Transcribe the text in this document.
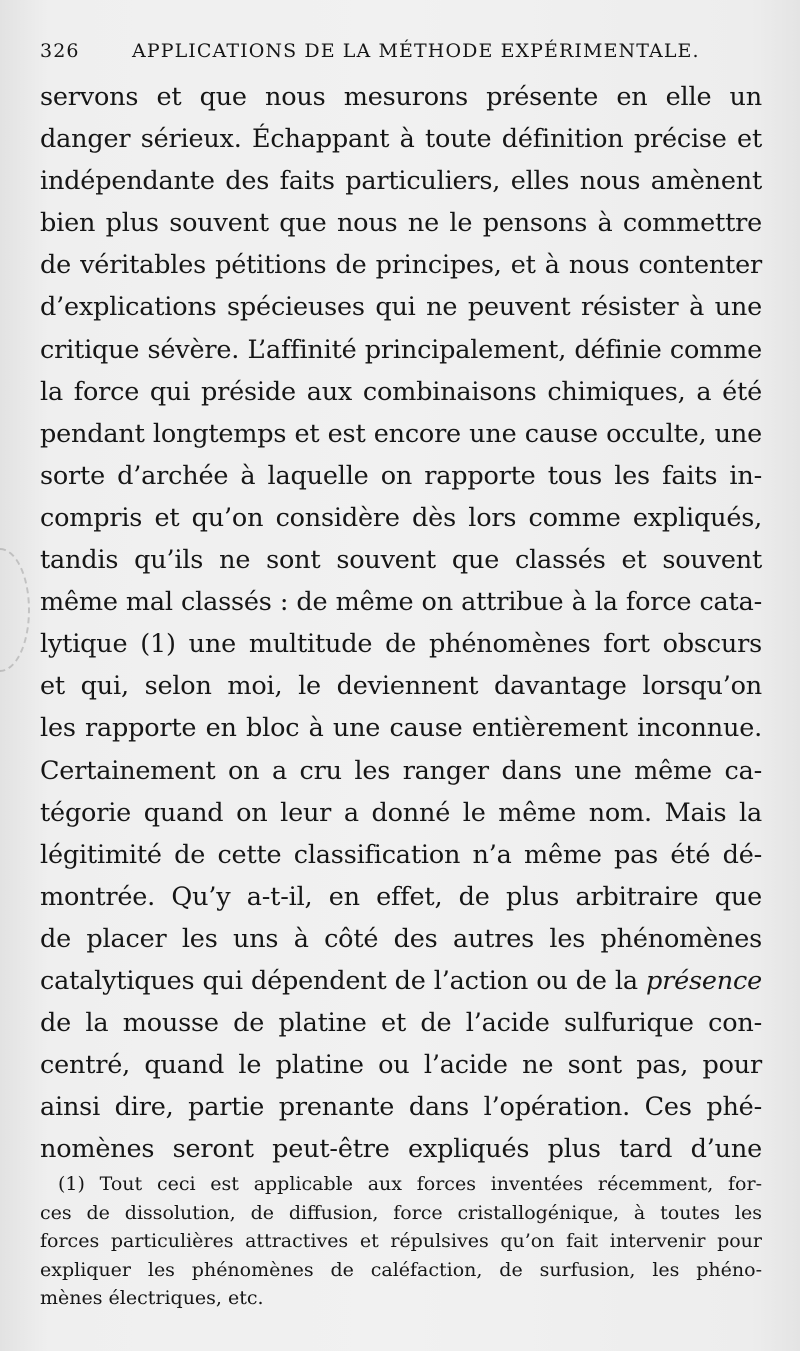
326	APPLICATIONS DE LA MÉTHODE EXPÉRIMENTALE.
servons et que nous mesurons présente en elle un
danger sérieux. Échappant à toute définition précise et
indépendante des faits particuliers, elles nous amènent
bien plus souvent que nous ne le pensons à commettre
de véritables pétitions de principes, et à nous contenter
d’explications spécieuses qui ne peuvent résister à une
critique sévère. L’affinité principalement, définie comme
la force qui préside aux combinaisons chimiques, a été
pendant longtemps et est encore une cause occulte, une
sorte d’archée à laquelle on rapporte tous les faits in-
compris et qu’on considère dès lors comme expliqués,
tandis qu’ils ne sont souvent que classés et souvent
même mal classés : de même on attribue à la force cata-
lytique (1) une multitude de phénomènes fort obscurs
et qui, selon moi, le deviennent davantage lorsqu’on
les rapporte en bloc à une cause entièrement inconnue.
Certainement on a cru les ranger dans une même ca-
tégorie quand on leur a donné le même nom. Mais la
légitimité de cette classification n’a même pas été dé-
montrée. Qu’y a-t-il, en effet, de plus arbitraire que
de placer les uns à côté des autres les phénomènes
catalytiques qui dépendent de l’action ou de la présence
de la mousse de platine et de l’acide sulfurique con-
centré, quand le platine ou l’acide ne sont pas, pour
ainsi dire, partie prenante dans l’opération. Ces phé-
nomènes seront peut-être expliqués plus tard d’une
(1) Tout ceci est applicable aux forces inventées récemment, for-
ces de dissolution, de diffusion, force cristallogénique, à toutes les
forces particulières attractives et répulsives qu’on fait intervenir pour
expliquer les phénomènes de caléfaction, de surfusion, les phéno-
mènes électriques, etc.
